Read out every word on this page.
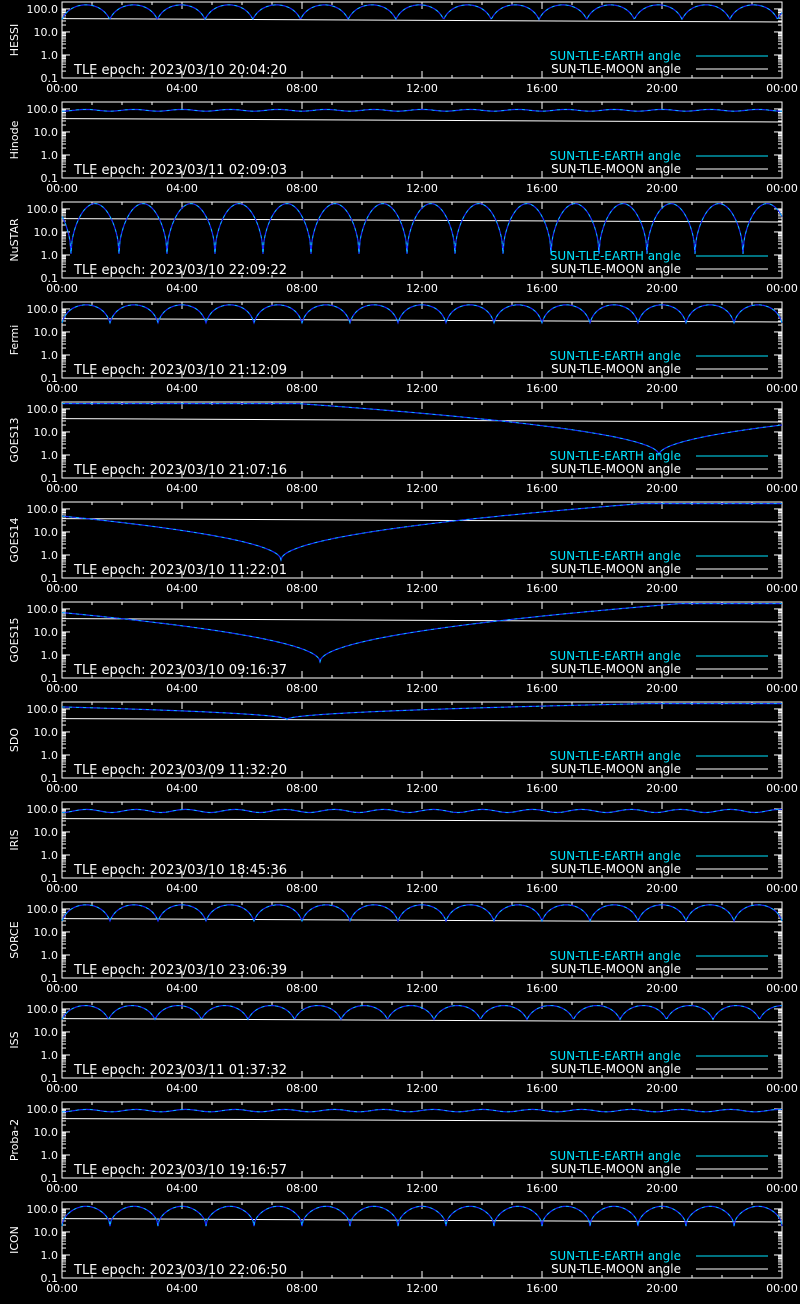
100.0
10.0
1.0
0.1
00:00	04:00	08:00	12:00	16:00	20:00	00:00
HESSI
TLE epoch: 2023/03/10 20:04:20
SUN-TLE-EARTH angle
SUN-TLE-MOON angle
100.0
10.0
1.0
0.1
00:00	04:00	08:00	12:00	16:00	20:00	00:00
Hinode
TLE epoch: 2023/03/11 02:09:03
SUN-TLE-EARTH angle
SUN-TLE-MOON angle
100.0
10.0
1.0
0.1
00:00	04:00	08:00	12:00	16:00	20:00	00:00
NuSTAR
TLE epoch: 2023/03/10 22:09:22
SUN-TLE-EARTH angle
SUN-TLE-MOON angle
100.0
10.0
1.0
0.1
00:00	04:00	08:00	12:00	16:00	20:00	00:00
Fermi
TLE epoch: 2023/03/10 21:12:09
SUN-TLE-EARTH angle
SUN-TLE-MOON angle
100.0
10.0
1.0
0.1
00:00	04:00	08:00	12:00	16:00	20:00	00:00
GOES13
TLE epoch: 2023/03/10 21:07:16
SUN-TLE-EARTH angle
SUN-TLE-MOON angle
100.0
10.0
1.0
0.1
00:00	04:00	08:00	12:00	16:00	20:00	00:00
GOES14
TLE epoch: 2023/03/10 11:22:01
SUN-TLE-EARTH angle
SUN-TLE-MOON angle
100.0
10.0
1.0
0.1
00:00	04:00	08:00	12:00	16:00	20:00	00:00
GOES15
TLE epoch: 2023/03/10 09:16:37
SUN-TLE-EARTH angle
SUN-TLE-MOON angle
100.0
10.0
1.0
0.1
00:00	04:00	08:00	12:00	16:00	20:00	00:00
SDO
TLE epoch: 2023/03/09 11:32:20
SUN-TLE-EARTH angle
SUN-TLE-MOON angle
100.0
10.0
1.0
0.1
00:00	04:00	08:00	12:00	16:00	20:00	00:00
IRIS
TLE epoch: 2023/03/10 18:45:36
SUN-TLE-EARTH angle
SUN-TLE-MOON angle
100.0
10.0
1.0
0.1
00:00	04:00	08:00	12:00	16:00	20:00	00:00
SORCE
TLE epoch: 2023/03/10 23:06:39
SUN-TLE-EARTH angle
SUN-TLE-MOON angle
100.0
10.0
1.0
0.1
00:00	04:00	08:00	12:00	16:00	20:00	00:00
ISS
TLE epoch: 2023/03/11 01:37:32
SUN-TLE-EARTH angle
SUN-TLE-MOON angle
100.0
10.0
1.0
0.1
00:00	04:00	08:00	12:00	16:00	20:00	00:00
Proba-2
TLE epoch: 2023/03/10 19:16:57
SUN-TLE-EARTH angle
SUN-TLE-MOON angle
100.0
10.0
1.0
0.1
00:00	04:00	08:00	12:00	16:00	20:00	00:00
ICON
TLE epoch: 2023/03/10 22:06:50
SUN-TLE-EARTH angle
SUN-TLE-MOON angle
